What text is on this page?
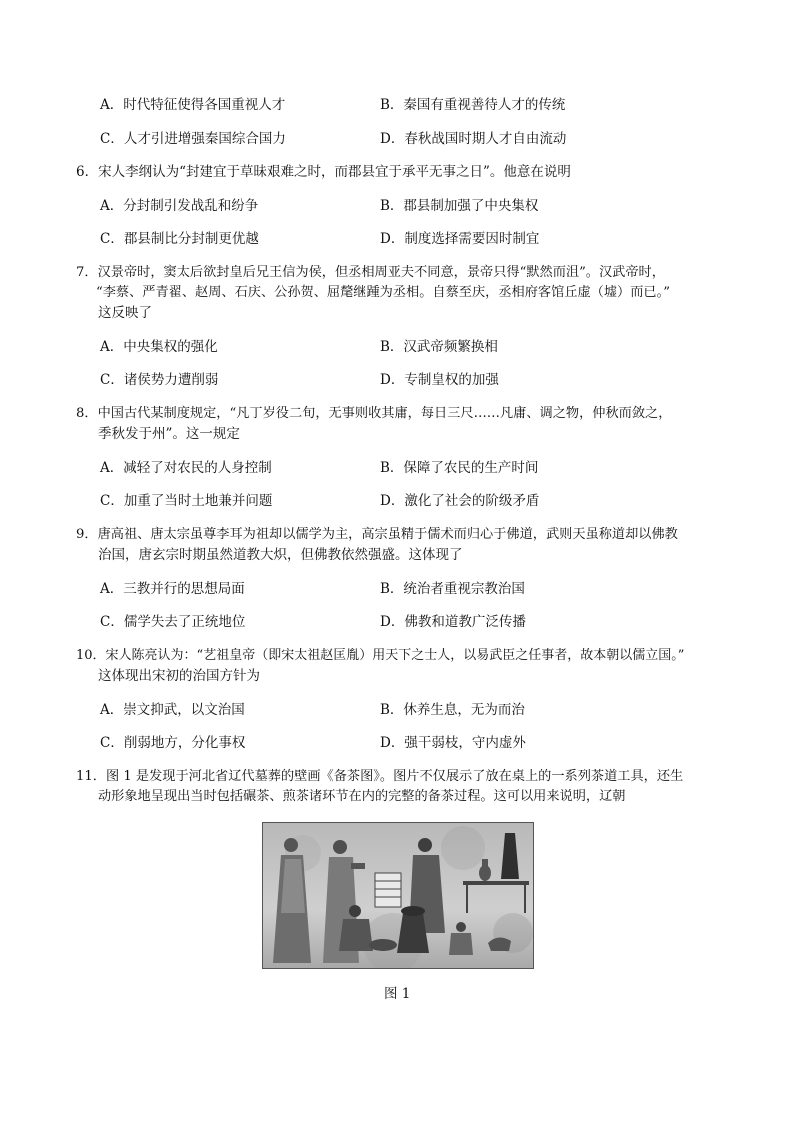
A．时代特征使得各国重视人才	B．秦国有重视善待人才的传统
C．人才引进增强秦国综合国力	D．春秋战国时期人才自由流动
6．宋人李纲认为“封建宜于草昧艰难之时，而郡县宜于承平无事之日”。他意在说明
A．分封制引发战乱和纷争	B．郡县制加强了中央集权
C．郡县制比分封制更优越	D．制度选择需要因时制宜
7．汉景帝时，窦太后欲封皇后兄王信为侯，但丞相周亚夫不同意，景帝只得“默然而沮”。汉武帝时，
“李蔡、严青翟、赵周、石庆、公孙贺、屈氂继踵为丞相。自蔡至庆，丞相府客馆丘虚（墟）而已。”
这反映了
A．中央集权的强化	B．汉武帝频繁换相
C．诸侯势力遭削弱	D．专制皇权的加强
8．中国古代某制度规定，“凡丁岁役二旬，无事则收其庸，每日三尺……凡庸、调之物，仲秋而敛之，
季秋发于州”。这一规定
A．减轻了对农民的人身控制	B．保障了农民的生产时间
C．加重了当时土地兼并问题	D．激化了社会的阶级矛盾
9．唐高祖、唐太宗虽尊李耳为祖却以儒学为主，高宗虽精于儒术而归心于佛道，武则天虽称道却以佛教
治国，唐玄宗时期虽然道教大炽，但佛教依然强盛。这体现了
A．三教并行的思想局面	B．统治者重视宗教治国
C．儒学失去了正统地位	D．佛教和道教广泛传播
10．宋人陈亮认为：“艺祖皇帝（即宋太祖赵匡胤）用天下之士人，以易武臣之任事者，故本朝以儒立国。”
这体现出宋初的治国方针为
A．崇文抑武，以文治国	B．休养生息，无为而治
C．削弱地方，分化事权	D．强干弱枝，守内虚外
11．图 1 是发现于河北省辽代墓葬的壁画《备茶图》。图片不仅展示了放在桌上的一系列茶道工具，还生
动形象地呈现出当时包括碾茶、煎茶诸环节在内的完整的备茶过程。这可以用来说明，辽朝
图 1
